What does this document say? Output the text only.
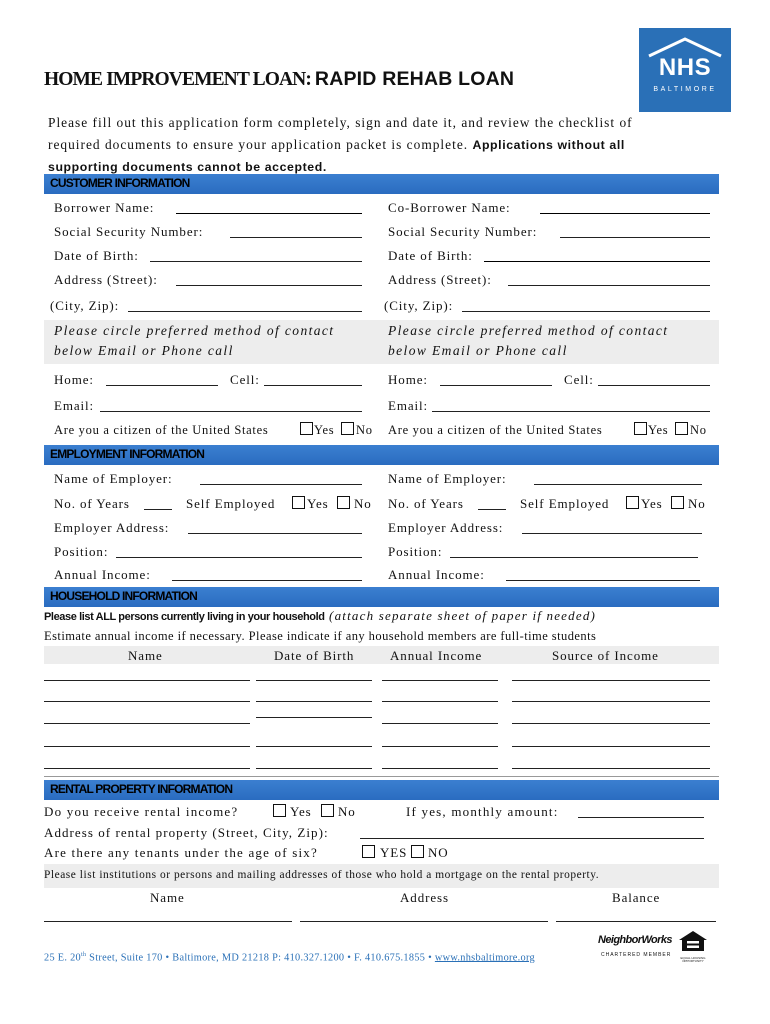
NHS
BALTIMORE
HOME IMPROVEMENT LOAN: RAPID REHAB LOAN
Please fill out this application form completely, sign and date it, and review the checklist of
required documents to ensure your application packet is complete. Applications without all
supporting documents cannot be accepted.
CUSTOMER INFORMATION
Borrower Name:	Co-Borrower Name:
Social Security Number:	Social Security Number:
Date of Birth:	Date of Birth:
Address (Street):	Address (Street):
(City, Zip):	(City, Zip):
Please circle preferred method of contact
below Email or Phone call
Please circle preferred method of contact
below Email or Phone call
Home:	Cell:	Home:	Cell:
Email:	Email:
Are you a citizen of the United States	Yes No Are you a citizen of the United States	Yes No
EMPLOYMENT INFORMATION
Name of Employer:	Name of Employer:
No. of Years	Self Employed Yes No No. of Years	Self Employed Yes No
Employer Address:	Employer Address:
Position:	Position:
Annual Income:	Annual Income:
HOUSEHOLD INFORMATION
Please list ALL persons currently living in your household (attach separate sheet of paper if needed)
Estimate annual income if necessary. Please indicate if any household members are full-time students
Name	Date of Birth	Annual Income	Source of Income
RENTAL PROPERTY INFORMATION
Do you receive rental income?	Yes No	If yes, monthly amount:
Address of rental property (Street, City, Zip):
Are there any tenants under the age of six?	YES NO
Please list institutions or persons and mailing addresses of those who hold a mortgage on the rental property.
Name	Address	Balance
25 E. 20th Street, Suite 170 • Baltimore, MD 21218 P: 410.327.1200 • F. 410.675.1855 • www.nhsbaltimore.org
NeighborWorks
CHARTERED MEMBER	EQUAL HOUSING OPPORTUNITY
